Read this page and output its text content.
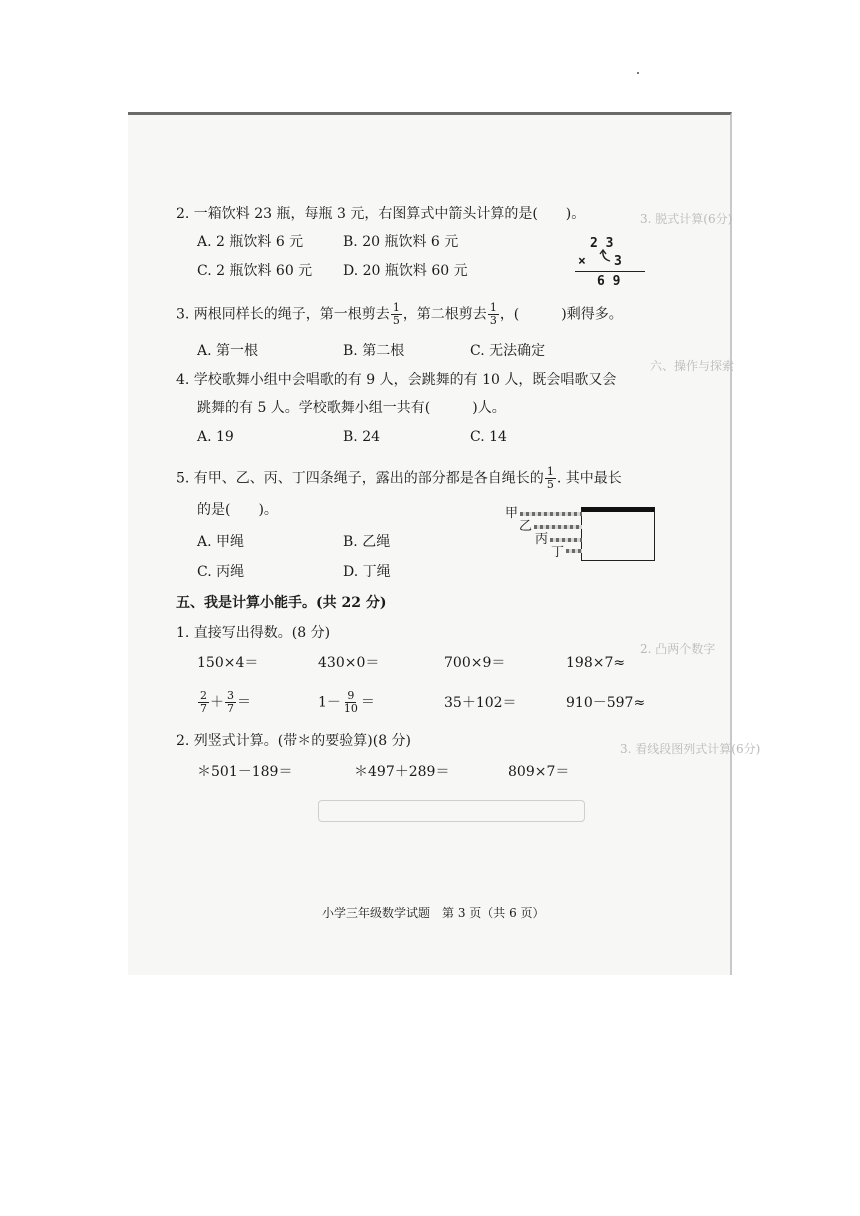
3. 脱式计算(6分)
六、操作与探索
2. 凸两个数字
3. 看线段图列式计算(6分)
2. 一箱饮料 23 瓶，每瓶 3 元，右图算式中箭头计算的是(　　)。
A. 2 瓶饮料 6 元	B. 20 瓶饮料 6 元
C. 2 瓶饮料 60 元 D. 20 瓶饮料 60 元
2 3
× 3
6 9
3. 两根同样长的绳子，第一根剪去 $\frac{1}{5}$ ，第二根剪去 $\frac{1}{3}$ ，(　　　)剩得多。
A. 第一根	B. 第二根	C. 无法确定
4. 学校歌舞小组中会唱歌的有 9 人，会跳舞的有 10 人，既会唱歌又会
跳舞的有 5 人。学校歌舞小组一共有(　　　)人。
A. 19	B. 24	C. 14
5. 有甲、乙、丙、丁四条绳子，露出的部分都是各自绳长的 $\frac{1}{5}$ . 其中最长
的是(　　)。
A. 甲绳	B. 乙绳
C. 丙绳	D. 丁绳
甲
乙
丙
丁
五、我是计算小能手。(共 22 分)
1. 直接写出得数。(8 分)
150×4＝	430×0＝	700×9＝	198×7≈
$\frac{2}{7} + \frac{3}{7}$ ＝	$1- \frac{9}{10}$ ＝	35＋102＝	910－597≈
2. 列竖式计算。(带＊的要验算)(8 分)
＊501－189＝	＊497＋289＝	809×7＝
小学三年级数学试题　第 3 页（共 6 页）
